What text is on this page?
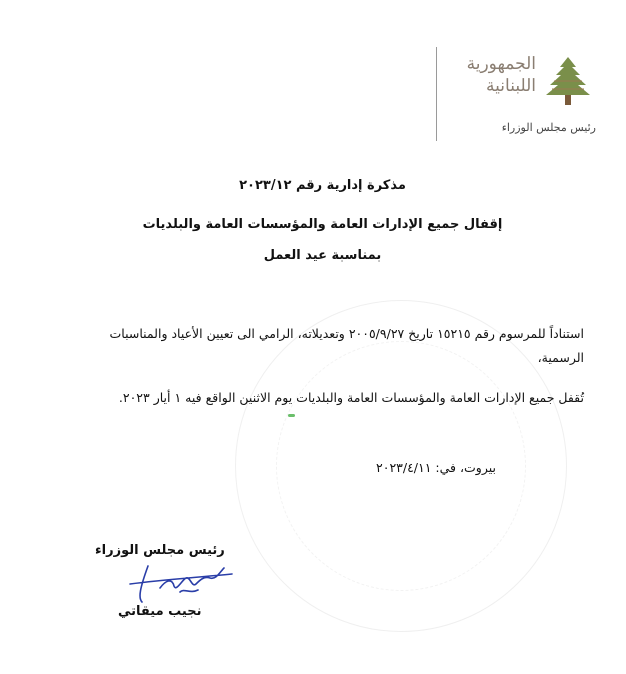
الجمهورية
اللبنانية
رئيس مجلس الوزراء
مذكرة إدارية رقم ٢٠٢٣/١٢
إقفال جميع الإدارات العامة والمؤسسات العامة والبلديات
بمناسبة عيد العمل
استناداً للمرسوم رقم ١٥٢١٥ تاريخ ٢٠٠٥/٩/٢٧ وتعديلاته، الرامي الى تعيين الأعياد والمناسبات الرسمية،
تُقفل جميع الإدارات العامة والمؤسسات العامة والبلديات يوم الاثنين الواقع فيه ١ أيار ٢٠٢٣.
بيروت، في: ٢٠٢٣/٤/١١
رئيس مجلس الوزراء
نجيب ميقاتي
